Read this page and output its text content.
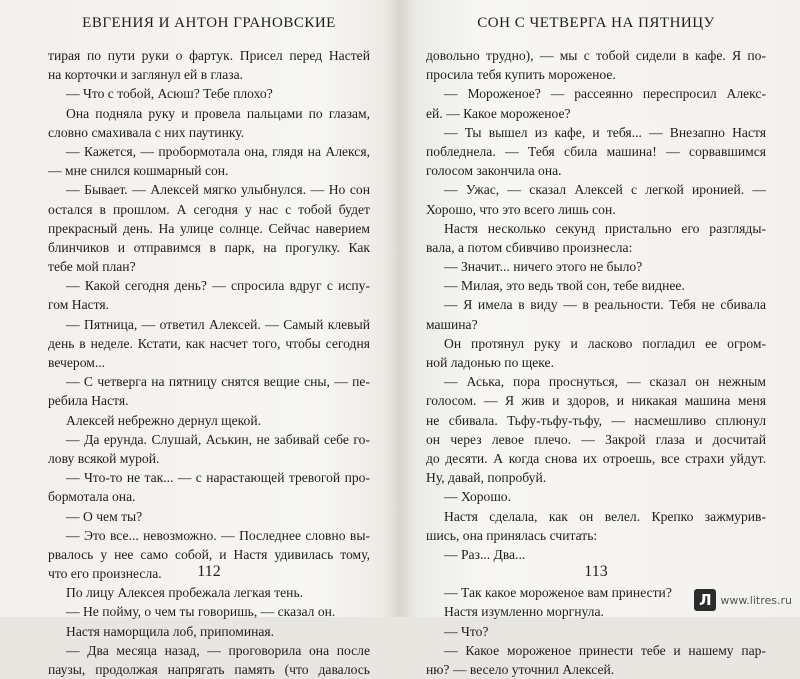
ЕВГЕНИЯ И АНТОН ГРАНОВСКИЕ
тирая по пути руки о фартук. Присел перед Настей
на корточки и заглянул ей в глаза.
— Что с тобой, Асюш? Тебе плохо?
Она подняла руку и провела пальцами по глазам,
словно смахивала с них паутинку.
— Кажется, — пробормотала она, глядя на Алекся,
— мне снился кошмарный сон.
— Бывает. — Алексей мягко улыбнулся. — Но сон
остался в прошлом. А сегодня у нас с тобой будет
прекрасный день. На улице солнце. Сейчас наверием
блинчиков и отправимся в парк, на прогулку. Как
тебе мой план?
— Какой сегодня день? — спросила вдруг с испу-
гом Настя.
— Пятница, — ответил Алексей. — Самый клевый
день в неделе. Кстати, как насчет того, чтобы сегодня
вечером...
— С четверга на пятницу снятся вещие сны, — пе-
ребила Настя.
Алексей небрежно дернул щекой.
— Да ерунда. Слушай, Аськин, не забивай себе го-
лову всякой мурой.
— Что-то не так... — с нарастающей тревогой про-
бормотала она.
— О чем ты?
— Это все... невозможно. — Последнее словно вы-
рвалось у нее само собой, и Настя удивилась тому,
что его произнесла.
По лицу Алексея пробежала легкая тень.
— Не пойму, о чем ты говоришь, — сказал он.
Настя наморщила лоб, припоминая.
— Два месяца назад, — проговорила она после
паузы, продолжая напрягать память (что давалось
112
СОН С ЧЕТВЕРГА НА ПЯТНИЦУ
довольно трудно), — мы с тобой сидели в кафе. Я по-
просила тебя купить мороженое.
— Мороженое? — рассеянно переспросил Алекс-
ей. — Какое мороженое?
— Ты вышел из кафе, и тебя... — Внезапно Настя
побледнела. — Тебя сбила машина! — сорвавшимся
голосом закончила она.
— Ужас, — сказал Алексей с легкой иронией. —
Хорошо, что это всего лишь сон.
Настя несколько секунд пристально его разгляды-
вала, а потом сбивчиво произнесла:
— Значит... ничего этого не было?
— Милая, это ведь твой сон, тебе виднее.
— Я имела в виду — в реальности. Тебя не сбивала
машина?
Он протянул руку и ласково погладил ее огром-
ной ладонью по щеке.
— Аська, пора проснуться, — сказал он нежным
голосом. — Я жив и здоров, и никакая машина меня
не сбивала. Тьфу-тьфу-тьфу, — насмешливо сплюнул
он через левое плечо. — Закрой глаза и досчитай
до десяти. А когда снова их отроешь, все страхи уйдут.
Ну, давай, попробуй.
— Хорошо.
Настя сделала, как он велел. Крепко зажмурив-
шись, она принялась считать:
— Раз... Два...
— Так какое мороженое вам принести?
Настя изумленно моргнула.
— Что?
— Какое мороженое принести тебе и нашему пар-
ню? — весело уточнил Алексей.
113
Л www.litres.ru
